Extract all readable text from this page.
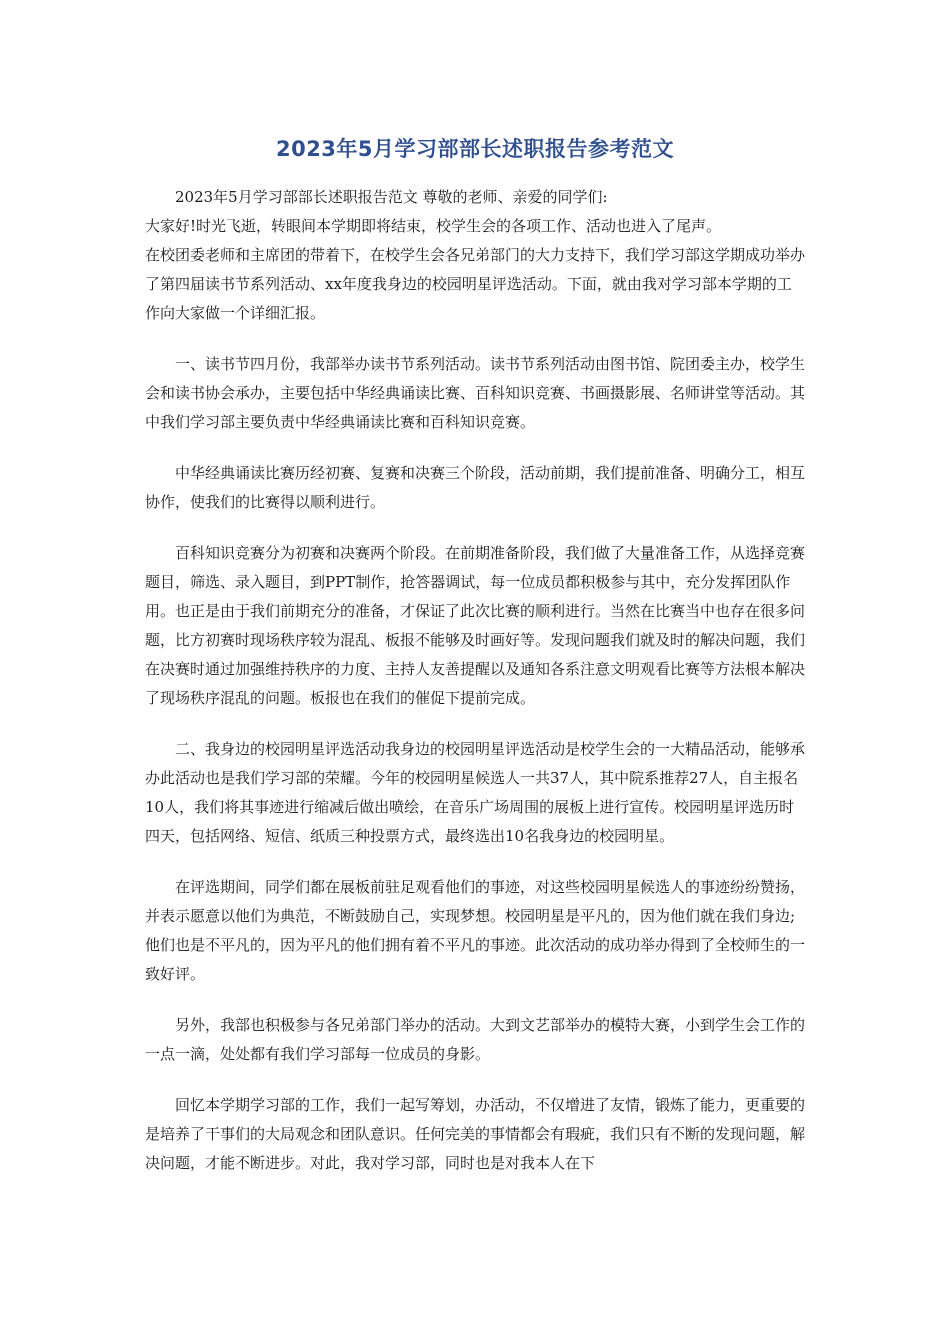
2023年5月学习部部长述职报告参考范文

2023年5月学习部部长述职报告范文 尊敬的老师、亲爱的同学们:

大家好!时光飞逝，转眼间本学期即将结束，校学生会的各项工作、活动也进入了尾声。

在校团委老师和主席团的带着下，在校学生会各兄弟部门的大力支持下，我们学习部这学期成功举办了第四届读书节系列活动、xx年度我身边的校园明星评选活动。下面，就由我对学习部本学期的工作向大家做一个详细汇报。

一、读书节四月份，我部举办读书节系列活动。读书节系列活动由图书馆、院团委主办，校学生会和读书协会承办，主要包括中华经典诵读比赛、百科知识竞赛、书画摄影展、名师讲堂等活动。其中我们学习部主要负责中华经典诵读比赛和百科知识竞赛。

中华经典诵读比赛历经初赛、复赛和决赛三个阶段，活动前期，我们提前准备、明确分工，相互协作，使我们的比赛得以顺利进行。

百科知识竞赛分为初赛和决赛两个阶段。在前期准备阶段，我们做了大量准备工作，从选择竞赛题目，筛选、录入题目，到PPT制作，抢答器调试，每一位成员都积极参与其中，充分发挥团队作用。也正是由于我们前期充分的准备，才保证了此次比赛的顺利进行。当然在比赛当中也存在很多问题，比方初赛时现场秩序较为混乱、板报不能够及时画好等。发现问题我们就及时的解决问题，我们在决赛时通过加强维持秩序的力度、主持人友善提醒以及通知各系注意文明观看比赛等方法根本解决了现场秩序混乱的问题。板报也在我们的催促下提前完成。

二、我身边的校园明星评选活动我身边的校园明星评选活动是校学生会的一大精品活动，能够承办此活动也是我们学习部的荣耀。今年的校园明星候选人一共37人，其中院系推荐27人，自主报名10人，我们将其事迹进行缩减后做出喷绘，在音乐广场周围的展板上进行宣传。校园明星评选历时四天，包括网络、短信、纸质三种投票方式，最终选出10名我身边的校园明星。

在评选期间，同学们都在展板前驻足观看他们的事迹，对这些校园明星候选人的事迹纷纷赞扬，并表示愿意以他们为典范，不断鼓励自己，实现梦想。校园明星是平凡的，因为他们就在我们身边;他们也是不平凡的，因为平凡的他们拥有着不平凡的事迹。此次活动的成功举办得到了全校师生的一致好评。

另外，我部也积极参与各兄弟部门举办的活动。大到文艺部举办的模特大赛，小到学生会工作的一点一滴，处处都有我们学习部每一位成员的身影。

回忆本学期学习部的工作，我们一起写筹划，办活动，不仅增进了友情，锻炼了能力，更重要的是培养了干事们的大局观念和团队意识。任何完美的事情都会有瑕疵，我们只有不断的发现问题，解决问题，才能不断进步。对此，我对学习部，同时也是对我本人在下
